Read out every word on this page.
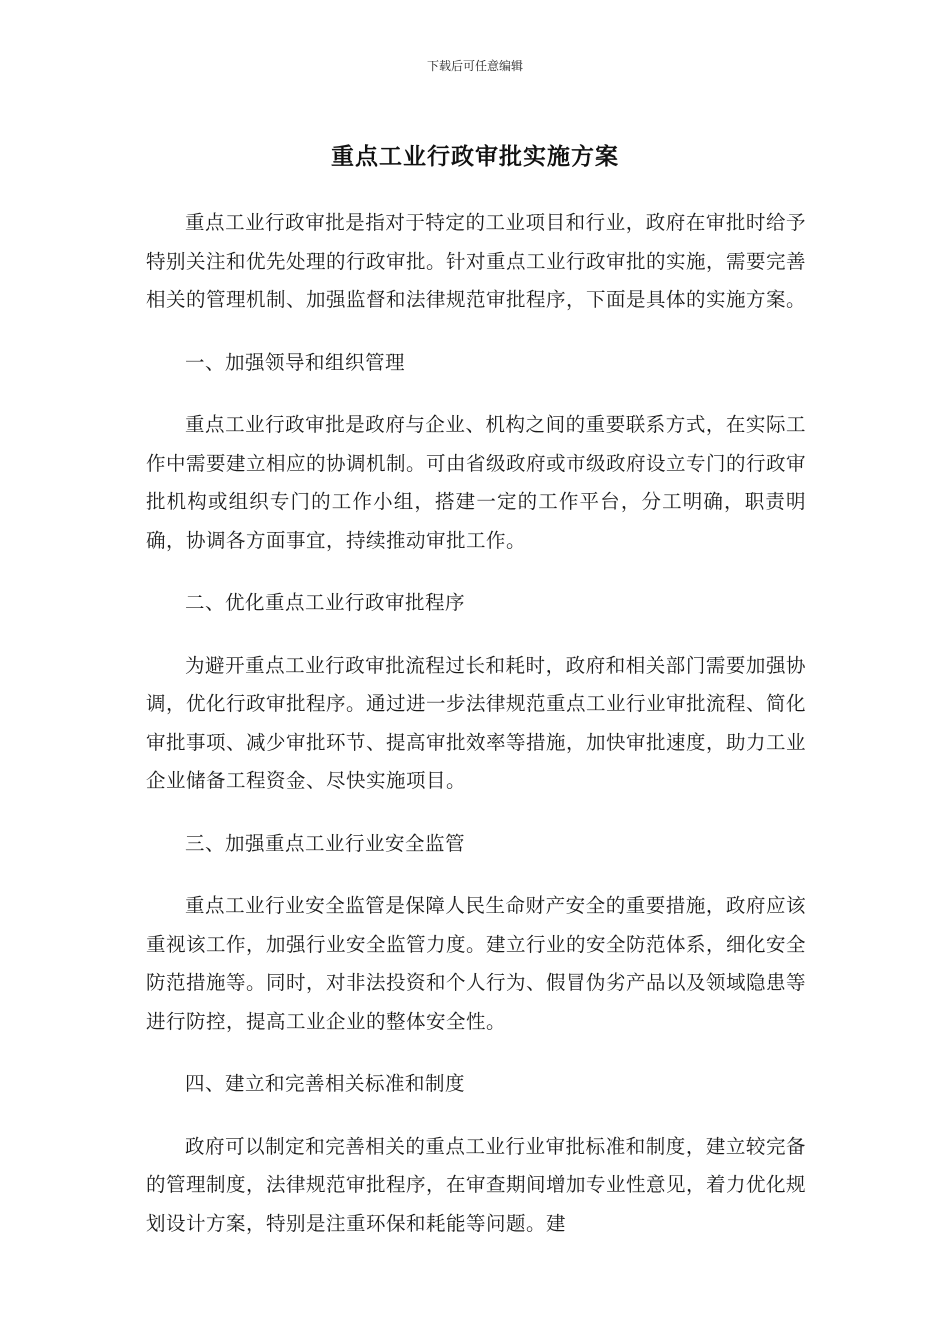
下载后可任意编辑
重点工业行政审批实施方案

重点工业行政审批是指对于特定的工业项目和行业，政府在审批时给予特别关注和优先处理的行政审批。针对重点工业行政审批的实施，需要完善相关的管理机制、加强监督和法律规范审批程序，下面是具体的实施方案。

一、加强领导和组织管理

重点工业行政审批是政府与企业、机构之间的重要联系方式，在实际工作中需要建立相应的协调机制。可由省级政府或市级政府设立专门的行政审批机构或组织专门的工作小组，搭建一定的工作平台，分工明确，职责明确，协调各方面事宜，持续推动审批工作。

二、优化重点工业行政审批程序

为避开重点工业行政审批流程过长和耗时，政府和相关部门需要加强协调，优化行政审批程序。通过进一步法律规范重点工业行业审批流程、简化审批事项、减少审批环节、提高审批效率等措施，加快审批速度，助力工业企业储备工程资金、尽快实施项目。

三、加强重点工业行业安全监管

重点工业行业安全监管是保障人民生命财产安全的重要措施，政府应该重视该工作，加强行业安全监管力度。建立行业的安全防范体系，细化安全防范措施等。同时，对非法投资和个人行为、假冒伪劣产品以及领域隐患等进行防控，提高工业企业的整体安全性。

四、建立和完善相关标准和制度

政府可以制定和完善相关的重点工业行业审批标准和制度，建立较完备的管理制度，法律规范审批程序，在审查期间增加专业性意见，着力优化规划设计方案，特别是注重环保和耗能等问题。建
